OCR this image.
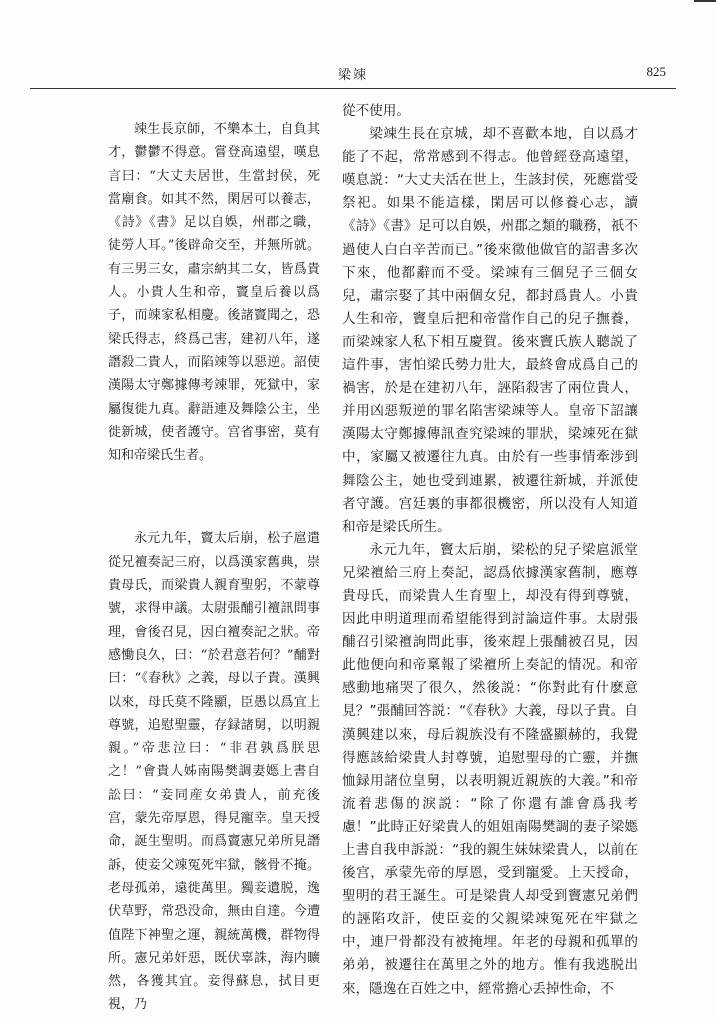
梁竦	825

竦生長京師，不樂本土，自負其才，鬱鬱不得意。嘗登高遠望，嘆息言曰：“大丈夫居世，生當封侯，死當廟食。如其不然，閑居可以養志，《詩》《書》足以自娛，州郡之職，徒勞人耳。”後辟命交至，并無所就。有三男三女，肅宗納其二女，皆爲貴人。小貴人生和帝，竇皇后養以爲子，而竦家私相慶。後諸竇聞之，恐梁氏得志，終爲己害，建初八年，遂譖殺二貴人，而陷竦等以惡逆。詔使漢陽太守鄭據傳考竦罪，死獄中，家屬復徙九真。辭語連及舞陰公主，坐徙新城，使者護守。宫省事密，莫有知和帝梁氏生者。

永元九年，竇太后崩，松子扈遣從兄襢奏記三府，以爲漢家舊典，崇貴母氏，而梁貴人親育聖躬，不蒙尊號，求得申議。太尉張酺引襢訊問事理，會後召見，因白襢奏記之狀。帝感慟良久，曰：“於君意若何？”酺對曰：“《春秋》之義，母以子貴。漢興以來，母氏莫不隆顯，臣愚以爲宜上尊號，追慰聖靈，存録諸舅，以明親親。”帝悲泣曰：“非君孰爲朕思之！”會貴人姊南陽樊調妻嫕上書自訟曰：“妾同産女弟貴人，前充後宫，蒙先帝厚恩，得見寵幸。皇天授命，誕生聖明。而爲竇憲兄弟所見譖訴，使妾父竦冤死牢獄，骸骨不掩。老母孤弟，遠徙萬里。獨妾遺脱，逸伏草野，常恐没命，無由自達。今遭值陛下神聖之運，親統萬機，群物得所。憲兄弟奸惡，既伏辜誅，海内曠然，各獲其宜。妾得蘇息，拭目更視，乃

從不使用。

梁竦生長在京城，却不喜歡本地，自以爲才能了不起，常常感到不得志。他曾經登高遠望，嘆息説：“大丈夫活在世上，生該封侯，死應當受祭祀。如果不能這樣，閑居可以修養心志，讀《詩》《書》足可以自娛，州郡之類的職務，祇不過使人白白辛苦而已。”後來徵他做官的詔書多次下來，他都辭而不受。梁竦有三個兒子三個女兒，肅宗娶了其中兩個女兒，都封爲貴人。小貴人生和帝，竇皇后把和帝當作自己的兒子撫養，而梁竦家人私下相互慶賀。後來竇氏族人聽説了這件事，害怕梁氏勢力壯大，最終會成爲自己的禍害，於是在建初八年，誣陷殺害了兩位貴人，并用凶惡叛逆的罪名陷害梁竦等人。皇帝下詔讓漢陽太守鄭據傳訊查究梁竦的罪狀，梁竦死在獄中，家屬又被遷往九真。由於有一些事情牽涉到舞陰公主，她也受到連累，被遷往新城，并派使者守護。宫廷裏的事都很機密，所以没有人知道和帝是梁氏所生。

永元九年，竇太后崩，梁松的兒子梁扈派堂兄梁襢給三府上奏記，認爲依據漢家舊制，應尊貴母氏，而梁貴人生育聖上，却没有得到尊號，因此申明道理而希望能得到討論這件事。太尉張酺召引梁襢詢問此事，後來趕上張酺被召見，因此他便向和帝稟報了梁襢所上奏記的情况。和帝感動地痛哭了很久，然後説：“你對此有什麽意見？”張酺回答説：“《春秋》大義，母以子貴。自漢興建以來，母后親族没有不隆盛顯赫的，我覺得應該給梁貴人封尊號，追慰聖母的亡靈，并撫恤録用諸位皇舅，以表明親近親族的大義。”和帝流着悲傷的淚説：“除了你還有誰會爲我考慮！”此時正好梁貴人的姐姐南陽樊調的妻子梁嫕上書自我申訴説：“我的親生妹妹梁貴人，以前在後宫，承蒙先帝的厚恩，受到寵愛。上天授命，聖明的君王誕生。可是梁貴人却受到竇憲兄弟們的誣陷攻訐，使臣妾的父親梁竦冤死在牢獄之中，連尸骨都没有被掩埋。年老的母親和孤單的弟弟，被遷往在萬里之外的地方。惟有我逃脱出來，隱逸在百姓之中，經常擔心丢掉性命，不
